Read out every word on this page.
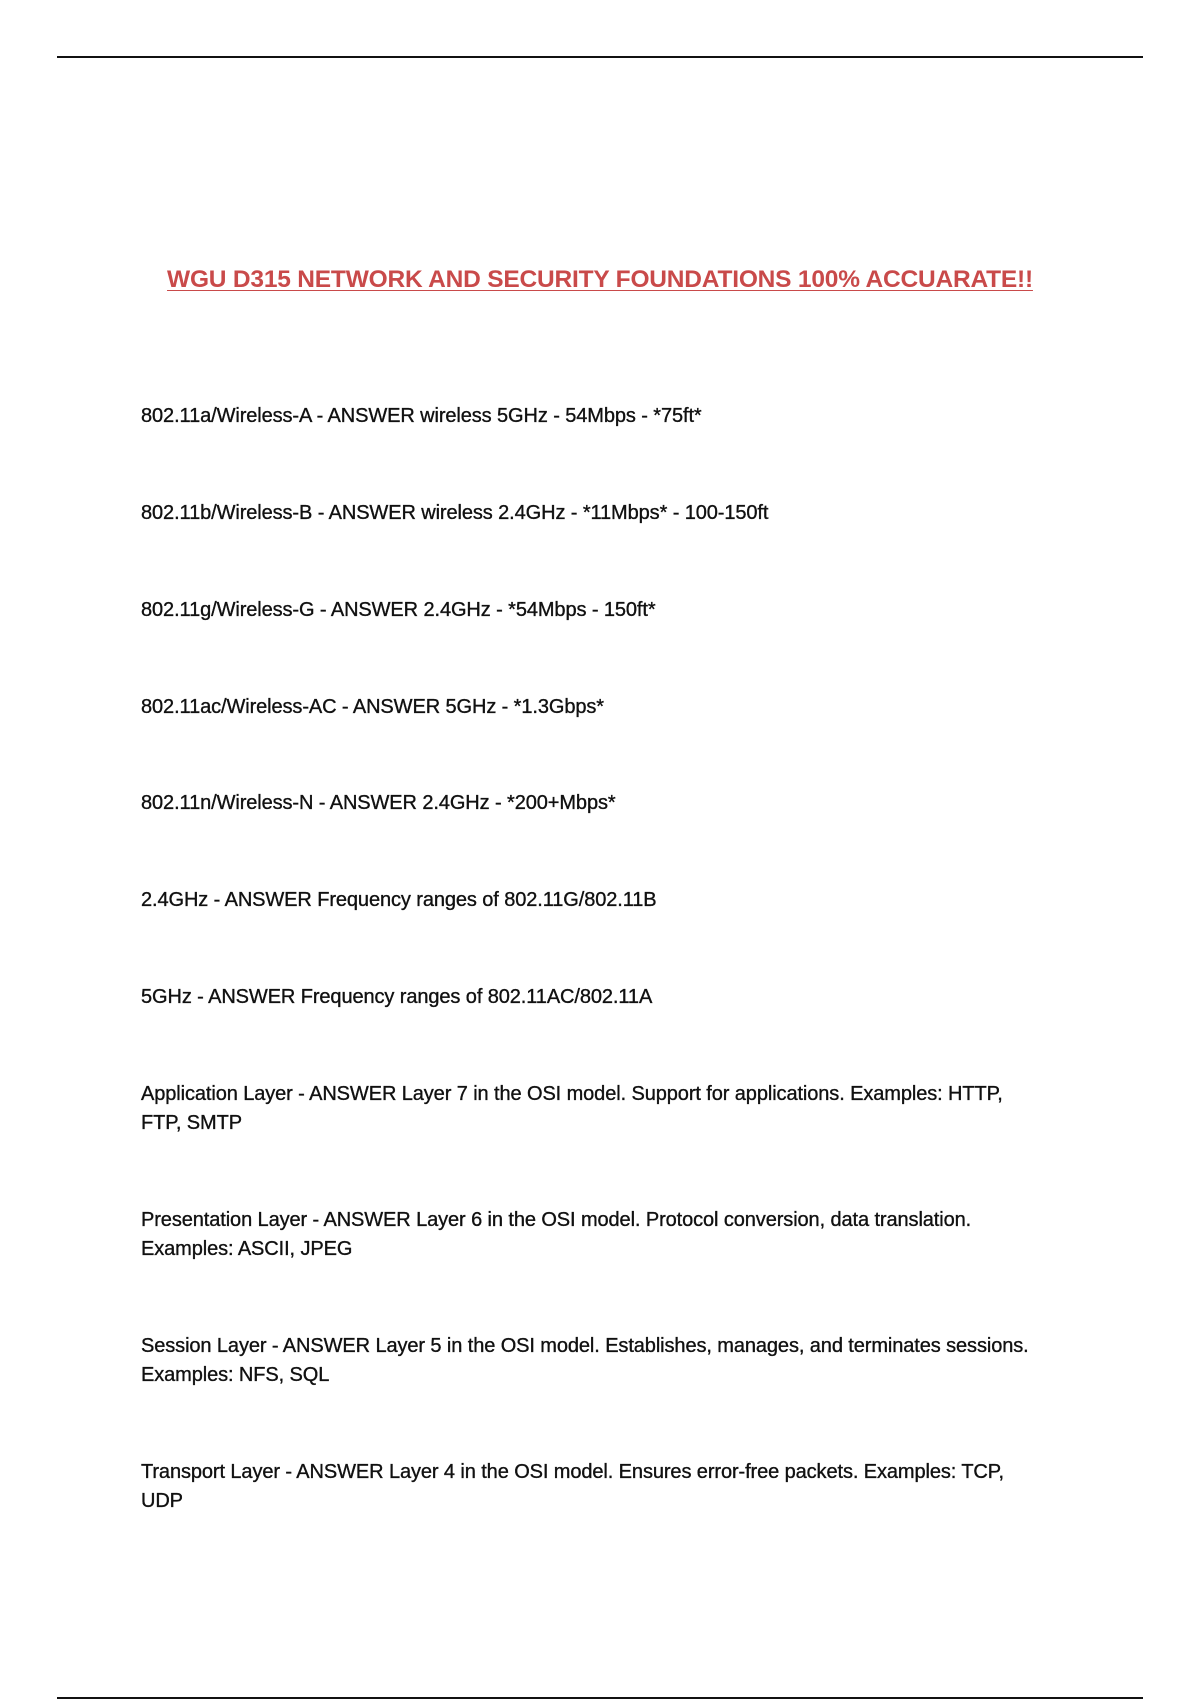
WGU D315 NETWORK AND SECURITY FOUNDATIONS 100% ACCUARATE!!
802.11a/Wireless-A - ANSWER wireless 5GHz - 54Mbps - *75ft*
802.11b/Wireless-B - ANSWER wireless 2.4GHz - *11Mbps* - 100-150ft
802.11g/Wireless-G - ANSWER 2.4GHz - *54Mbps - 150ft*
802.11ac/Wireless-AC - ANSWER 5GHz - *1.3Gbps*
802.11n/Wireless-N - ANSWER 2.4GHz - *200+Mbps*
2.4GHz - ANSWER Frequency ranges of 802.11G/802.11B
5GHz - ANSWER Frequency ranges of 802.11AC/802.11A
Application Layer - ANSWER Layer 7 in the OSI model. Support for applications. Examples: HTTP, FTP, SMTP
Presentation Layer - ANSWER Layer 6 in the OSI model. Protocol conversion, data translation. Examples: ASCII, JPEG
Session Layer - ANSWER Layer 5 in the OSI model. Establishes, manages, and terminates sessions. Examples: NFS, SQL
Transport Layer - ANSWER Layer 4 in the OSI model. Ensures error-free packets. Examples: TCP, UDP
